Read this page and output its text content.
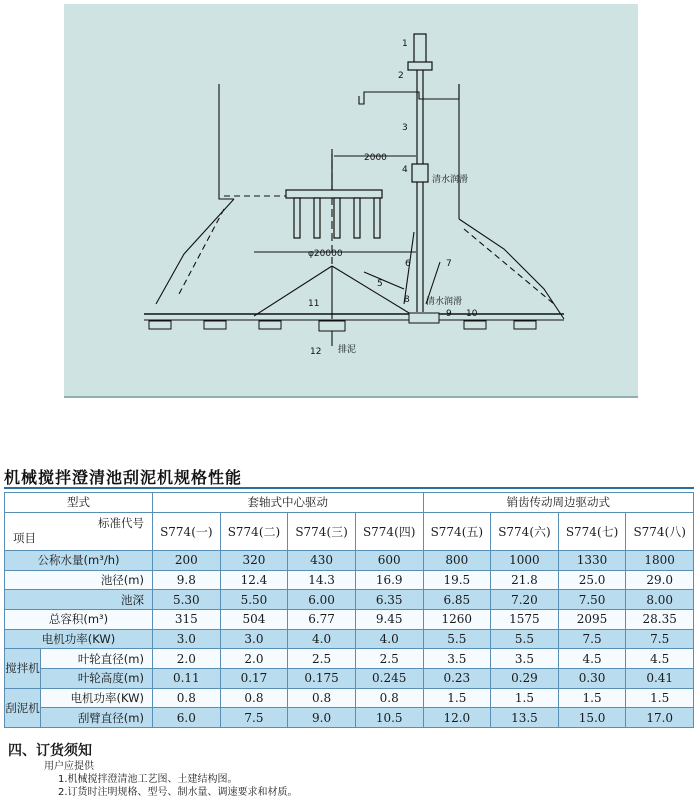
2000
φ20000
清水润滑
清水润滑
排泥
1
2
3
4
5
6	7
8
9 10
11
12
机械搅拌澄清池刮泥机规格性能
型式		套轴式中心驱动				销齿传动周边驱动式			

标准代号
项目		S774(一)	S774(二)	S774(三)	S774(四)	S774(五)	S774(六)	S774(七)	S774(八)
公称水量(m³/h)		200	320	430	600	800	1000	1330	1800
池径(m)		9.8	12.4	14.3	16.9	19.5	21.8	25.0	29.0
池深		5.30	5.50	6.00	6.35	6.85	7.20	7.50	8.00
总容积(m³)		315	504	6.77	9.45	1260	1575	2095	28.35
电机功率(KW)		3.0	3.0	4.0	4.0	5.5	5.5	7.5	7.5
搅拌机	叶轮直径(m)	2.0	2.0	2.5	2.5	3.5	3.5	4.5	4.5
	叶轮高度(m)	0.11	0.17	0.175	0.245	0.23	0.29	0.30	0.41
刮泥机	电机功率(KW)	0.8	0.8	0.8	0.8	1.5	1.5	1.5	1.5
	刮臂直径(m)	6.0	7.5	9.0	10.5	12.0	13.5	15.0	17.0
四、订货须知
用户应提供
1.机械搅拌澄清池工艺图、土建结构图。
2.订货时注明规格、型号、制水量、调速要求和材质。
